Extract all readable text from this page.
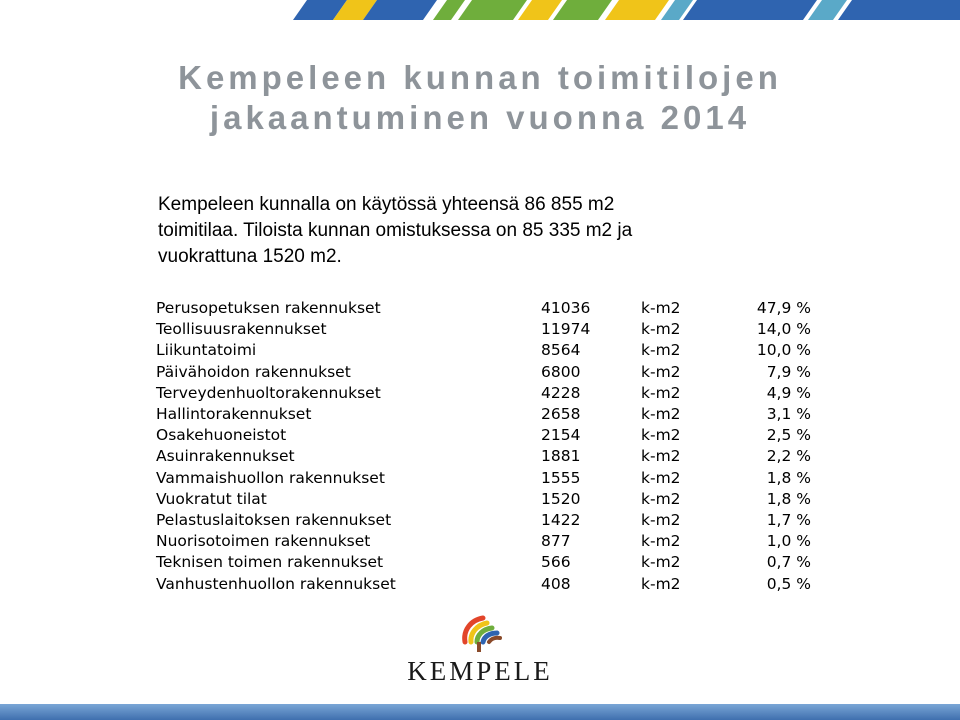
Kempeleen kunnan toimitilojen
jakaantuminen vuonna 2014

Kempeleen kunnalla on käytössä yhteensä 86 855 m2
toimitilaa. Tiloista kunnan omistuksessa on 85 335 m2 ja
vuokrattuna 1520 m2.

Perusopetuksen rakennukset	41036	k-m2	47,9 %
Teollisuusrakennukset	11974	k-m2	14,0 %
Liikuntatoimi	8564	k-m2	10,0 %
Päivähoidon rakennukset	6800	k-m2	7,9 %
Terveydenhuoltorakennukset	4228	k-m2	4,9 %
Hallintorakennukset	2658	k-m2	3,1 %
Osakehuoneistot	2154	k-m2	2,5 %
Asuinrakennukset	1881	k-m2	2,2 %
Vammaishuollon rakennukset	1555	k-m2	1,8 %
Vuokratut tilat	1520	k-m2	1,8 %
Pelastuslaitoksen rakennukset	1422	k-m2	1,7 %
Nuorisotoimen rakennukset	877	k-m2	1,0 %
Teknisen toimen rakennukset	566	k-m2	0,7 %
Vanhustenhuollon rakennukset	408	k-m2	0,5 %
KEMPELE
